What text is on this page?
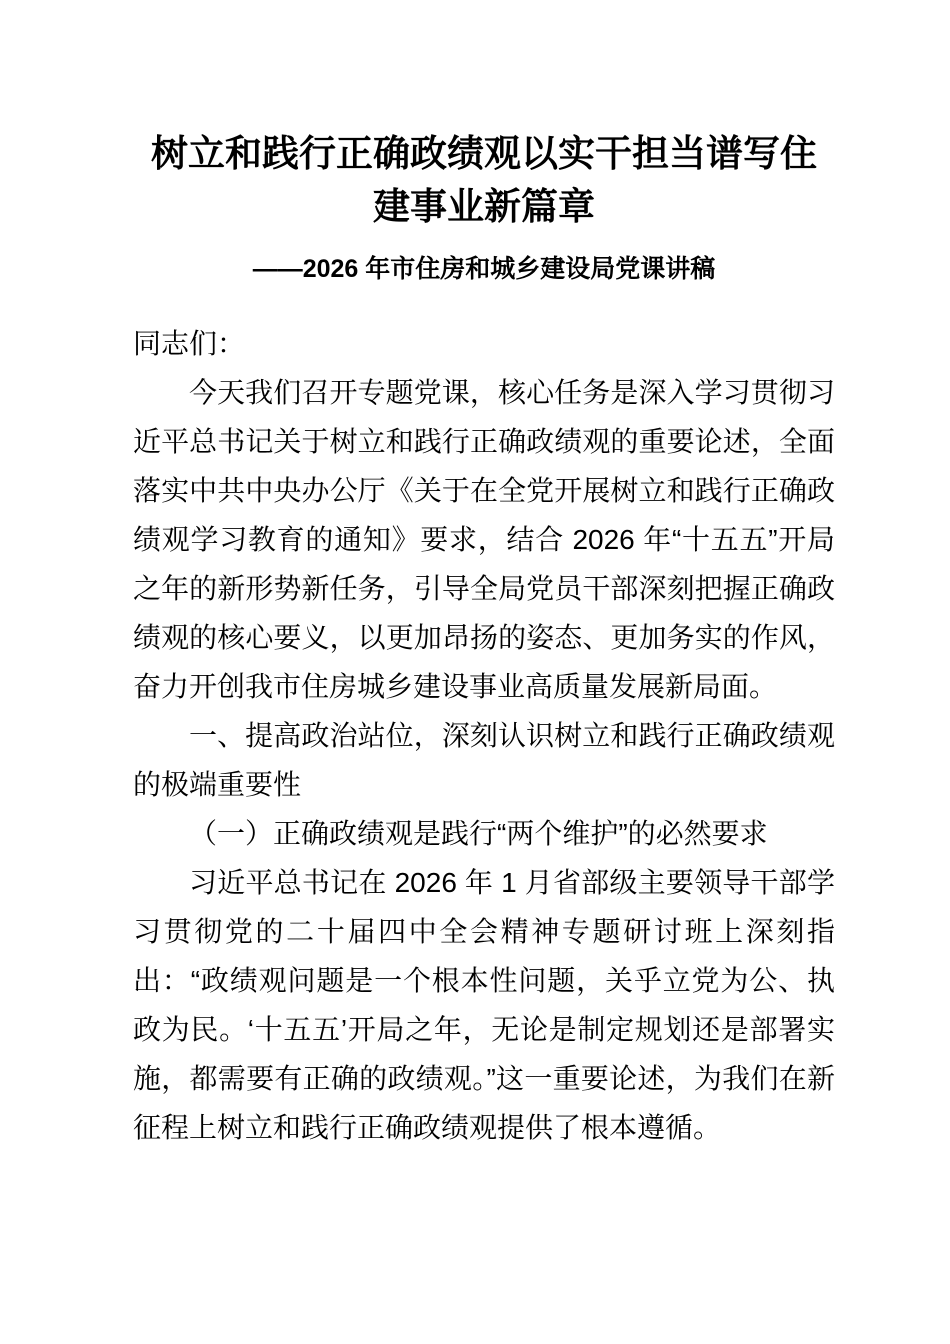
树立和践行正确政绩观以实干担当谱写住
建事业新篇章
——2026 年市住房和城乡建设局党课讲稿

同志们：

今天我们召开专题党课，核心任务是深入学习贯彻习近平总书记关于树立和践行正确政绩观的重要论述，全面落实中共中央办公厅《关于在全党开展树立和践行正确政绩观学习教育的通知》要求，结合 2026 年“十五五”开局之年的新形势新任务，引导全局党员干部深刻把握正确政绩观的核心要义，以更加昂扬的姿态、更加务实的作风，奋力开创我市住房城乡建设事业高质量发展新局面。

一、提高政治站位，深刻认识树立和践行正确政绩观的极端重要性

（一）正确政绩观是践行“两个维护”的必然要求

习近平总书记在 2026 年 1 月省部级主要领导干部学习贯彻党的二十届四中全会精神专题研讨班上深刻指出：“政绩观问题是一个根本性问题，关乎立党为公、执政为民。‘十五五’开局之年，无论是制定规划还是部署实施，都需要有正确的政绩观。”这一重要论述，为我们在新征程上树立和践行正确政绩观提供了根本遵循。
